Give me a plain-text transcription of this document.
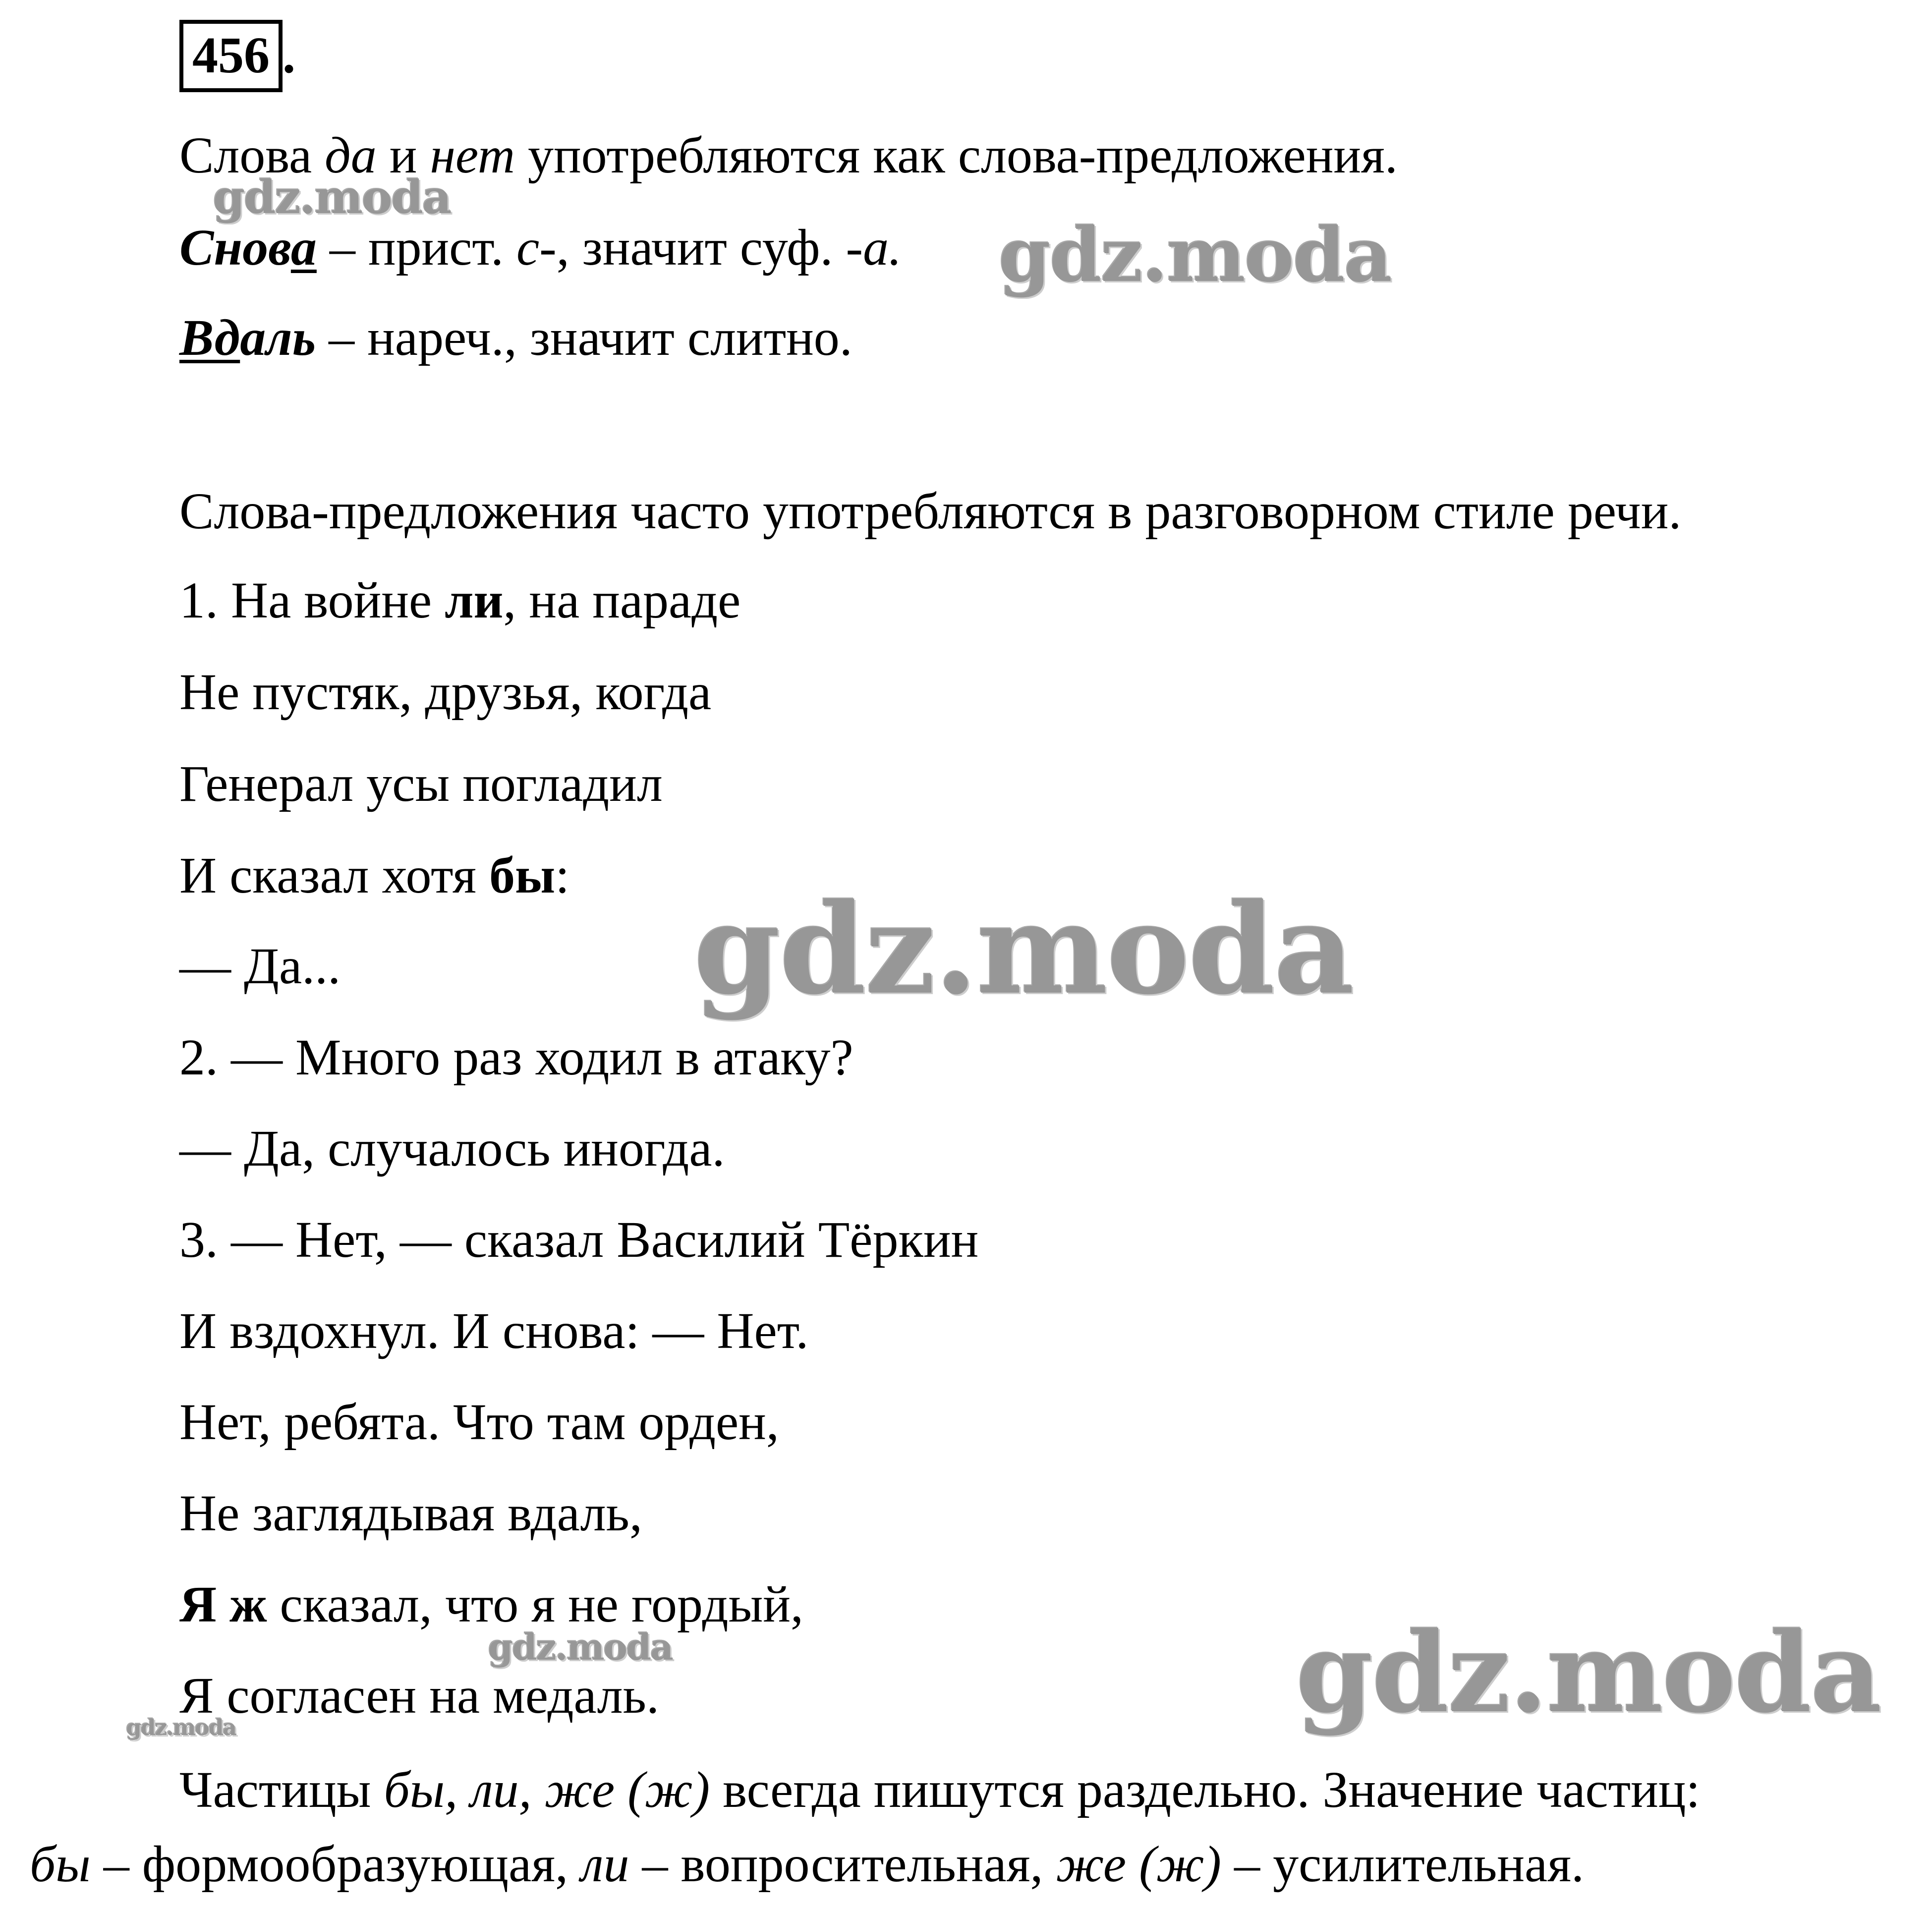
456 .
Слова да и нет употребляются как слова-предложения.
Снова – прист. с-, значит суф. -а.
Вдаль – нареч., значит слитно.
Слова-предложения часто употребляются в разговорном стиле речи.
1. На войне ли, на параде
Не пустяк, друзья, когда
Генерал усы погладил
И сказал хотя бы:
— Да...
2. — Много раз ходил в атаку?
— Да, случалось иногда.
3. — Нет, — сказал Василий Тёркин
И вздохнул. И снова: — Нет.
Нет, ребята. Что там орден,
Не заглядывая вдаль,
Я ж сказал, что я не гордый,
Я согласен на медаль.
Частицы бы, ли, же (ж) всегда пишутся раздельно. Значение частиц:
бы – формообразующая, ли – вопросительная, же (ж) – усилительная.
gdz.moda
gdz.moda
gdz.moda
gdz.moda	gdz.moda
gdz.moda
